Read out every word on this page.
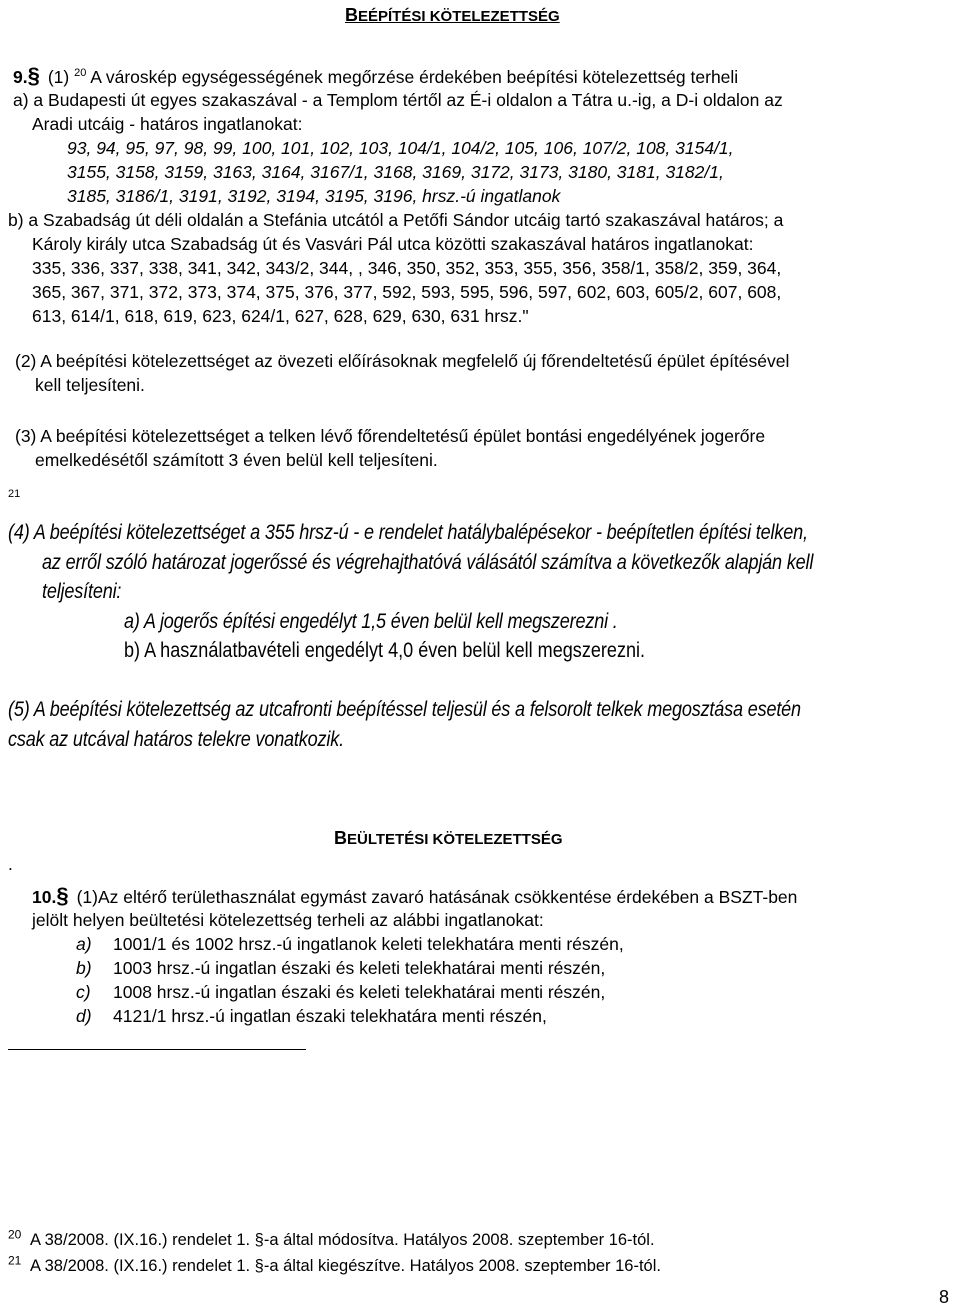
BEÉPÍTÉSI KÖTELEZETTSÉG
9.§ (1) $^{20}$ A városkép egységességének megőrzése érdekében beépítési kötelezettség terheli
a) a Budapesti út egyes szakaszával - a Templom tértől az É-i oldalon a Tátra u.-ig, a D-i oldalon az
Aradi utcáig - határos ingatlanokat:
93, 94, 95, 97, 98, 99, 100, 101, 102, 103, 104/1, 104/2, 105, 106, 107/2, 108, 3154/1,
3155, 3158, 3159, 3163, 3164, 3167/1, 3168, 3169, 3172, 3173, 3180, 3181, 3182/1,
3185, 3186/1, 3191, 3192, 3194, 3195, 3196, hrsz.-ú ingatlanok
b) a Szabadság út déli oldalán a Stefánia utcától a Petőfi Sándor utcáig tartó szakaszával határos; a
Károly király utca Szabadság út és Vasvári Pál utca közötti szakaszával határos ingatlanokat:
335, 336, 337, 338, 341, 342, 343/2, 344, , 346, 350, 352, 353, 355, 356, 358/1, 358/2, 359, 364,
365, 367, 371, 372, 373, 374, 375, 376, 377, 592, 593, 595, 596, 597, 602, 603, 605/2, 607, 608,
613, 614/1, 618, 619, 623, 624/1, 627, 628, 629, 630, 631 hrsz."
(2) A beépítési kötelezettséget az övezeti előírásoknak megfelelő új főrendeltetésű épület építésével
kell teljesíteni.
(3) A beépítési kötelezettséget a telken lévő főrendeltetésű épület bontási engedélyének jogerőre
emelkedésétől számított 3 éven belül kell teljesíteni.
21
(4) A beépítési kötelezettséget a 355 hrsz-ú - e rendelet hatálybalépésekor - beépítetlen építési telken,
az erről szóló határozat jogerőssé és végrehajthatóvá válásától számítva a következők alapján kell
teljesíteni:
a) A jogerős építési engedélyt 1,5 éven belül kell megszerezni .
b) A használatbavételi engedélyt 4,0 éven belül kell megszerezni.
(5) A beépítési kötelezettség az utcafronti beépítéssel teljesül és a felsorolt telkek megosztása esetén
csak az utcával határos telekre vonatkozik.
BEÜLTETÉSI KÖTELEZETTSÉG
.
10.§ (1)Az eltérő területhasználat egymást zavaró hatásának csökkentése érdekében a BSZT-ben
jelölt helyen beültetési kötelezettség terheli az alábbi ingatlanokat:
a) 1001/1 és 1002 hrsz.-ú ingatlanok keleti telekhatára menti részén,
b) 1003 hrsz.-ú ingatlan északi és keleti telekhatárai menti részén,
c) 1008 hrsz.-ú ingatlan északi és keleti telekhatárai menti részén,
d) 4121/1 hrsz.-ú ingatlan északi telekhatára menti részén,
$^{20}$ A 38/2008. (IX.16.) rendelet 1. §-a által módosítva. Hatályos 2008. szeptember 16-tól.
$^{21}$ A 38/2008. (IX.16.) rendelet 1. §-a által kiegészítve. Hatályos 2008. szeptember 16-tól.
8
